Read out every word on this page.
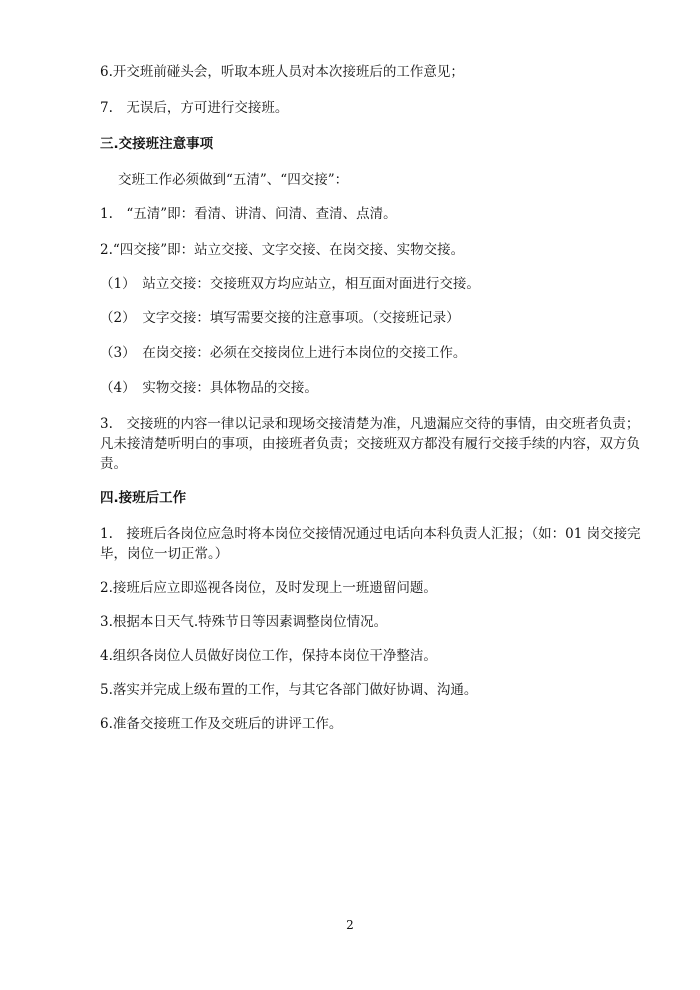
6.开交班前碰头会，听取本班人员对本次接班后的工作意见；
7.　无误后，方可进行交接班。
三.交接班注意事项
交班工作必须做到“五清”、“四交接”：
1.　“五清”即：看清、讲清、问清、查清、点清。
2.“四交接”即：站立交接、文字交接、在岗交接、实物交接。
（1）　站立交接：交接班双方均应站立，相互面对面进行交接。
（2）　文字交接：填写需要交接的注意事项。（交接班记录）
（3）　在岗交接：必须在交接岗位上进行本岗位的交接工作。
（4）　实物交接：具体物品的交接。
3.　交接班的内容一律以记录和现场交接清楚为准，凡遗漏应交待的事情，由交班者负责；
凡未接清楚听明白的事项，由接班者负责；交接班双方都没有履行交接手续的内容，双方负
责。
四.接班后工作
1.　接班后各岗位应急时将本岗位交接情况通过电话向本科负责人汇报；（如：01 岗交接完
毕，岗位一切正常。）
2.接班后应立即巡视各岗位，及时发现上一班遗留问题。
3.根据本日天气.特殊节日等因素调整岗位情况。
4.组织各岗位人员做好岗位工作，保持本岗位干净整洁。
5.落实并完成上级布置的工作，与其它各部门做好协调、沟通。
6.准备交接班工作及交班后的讲评工作。
2
